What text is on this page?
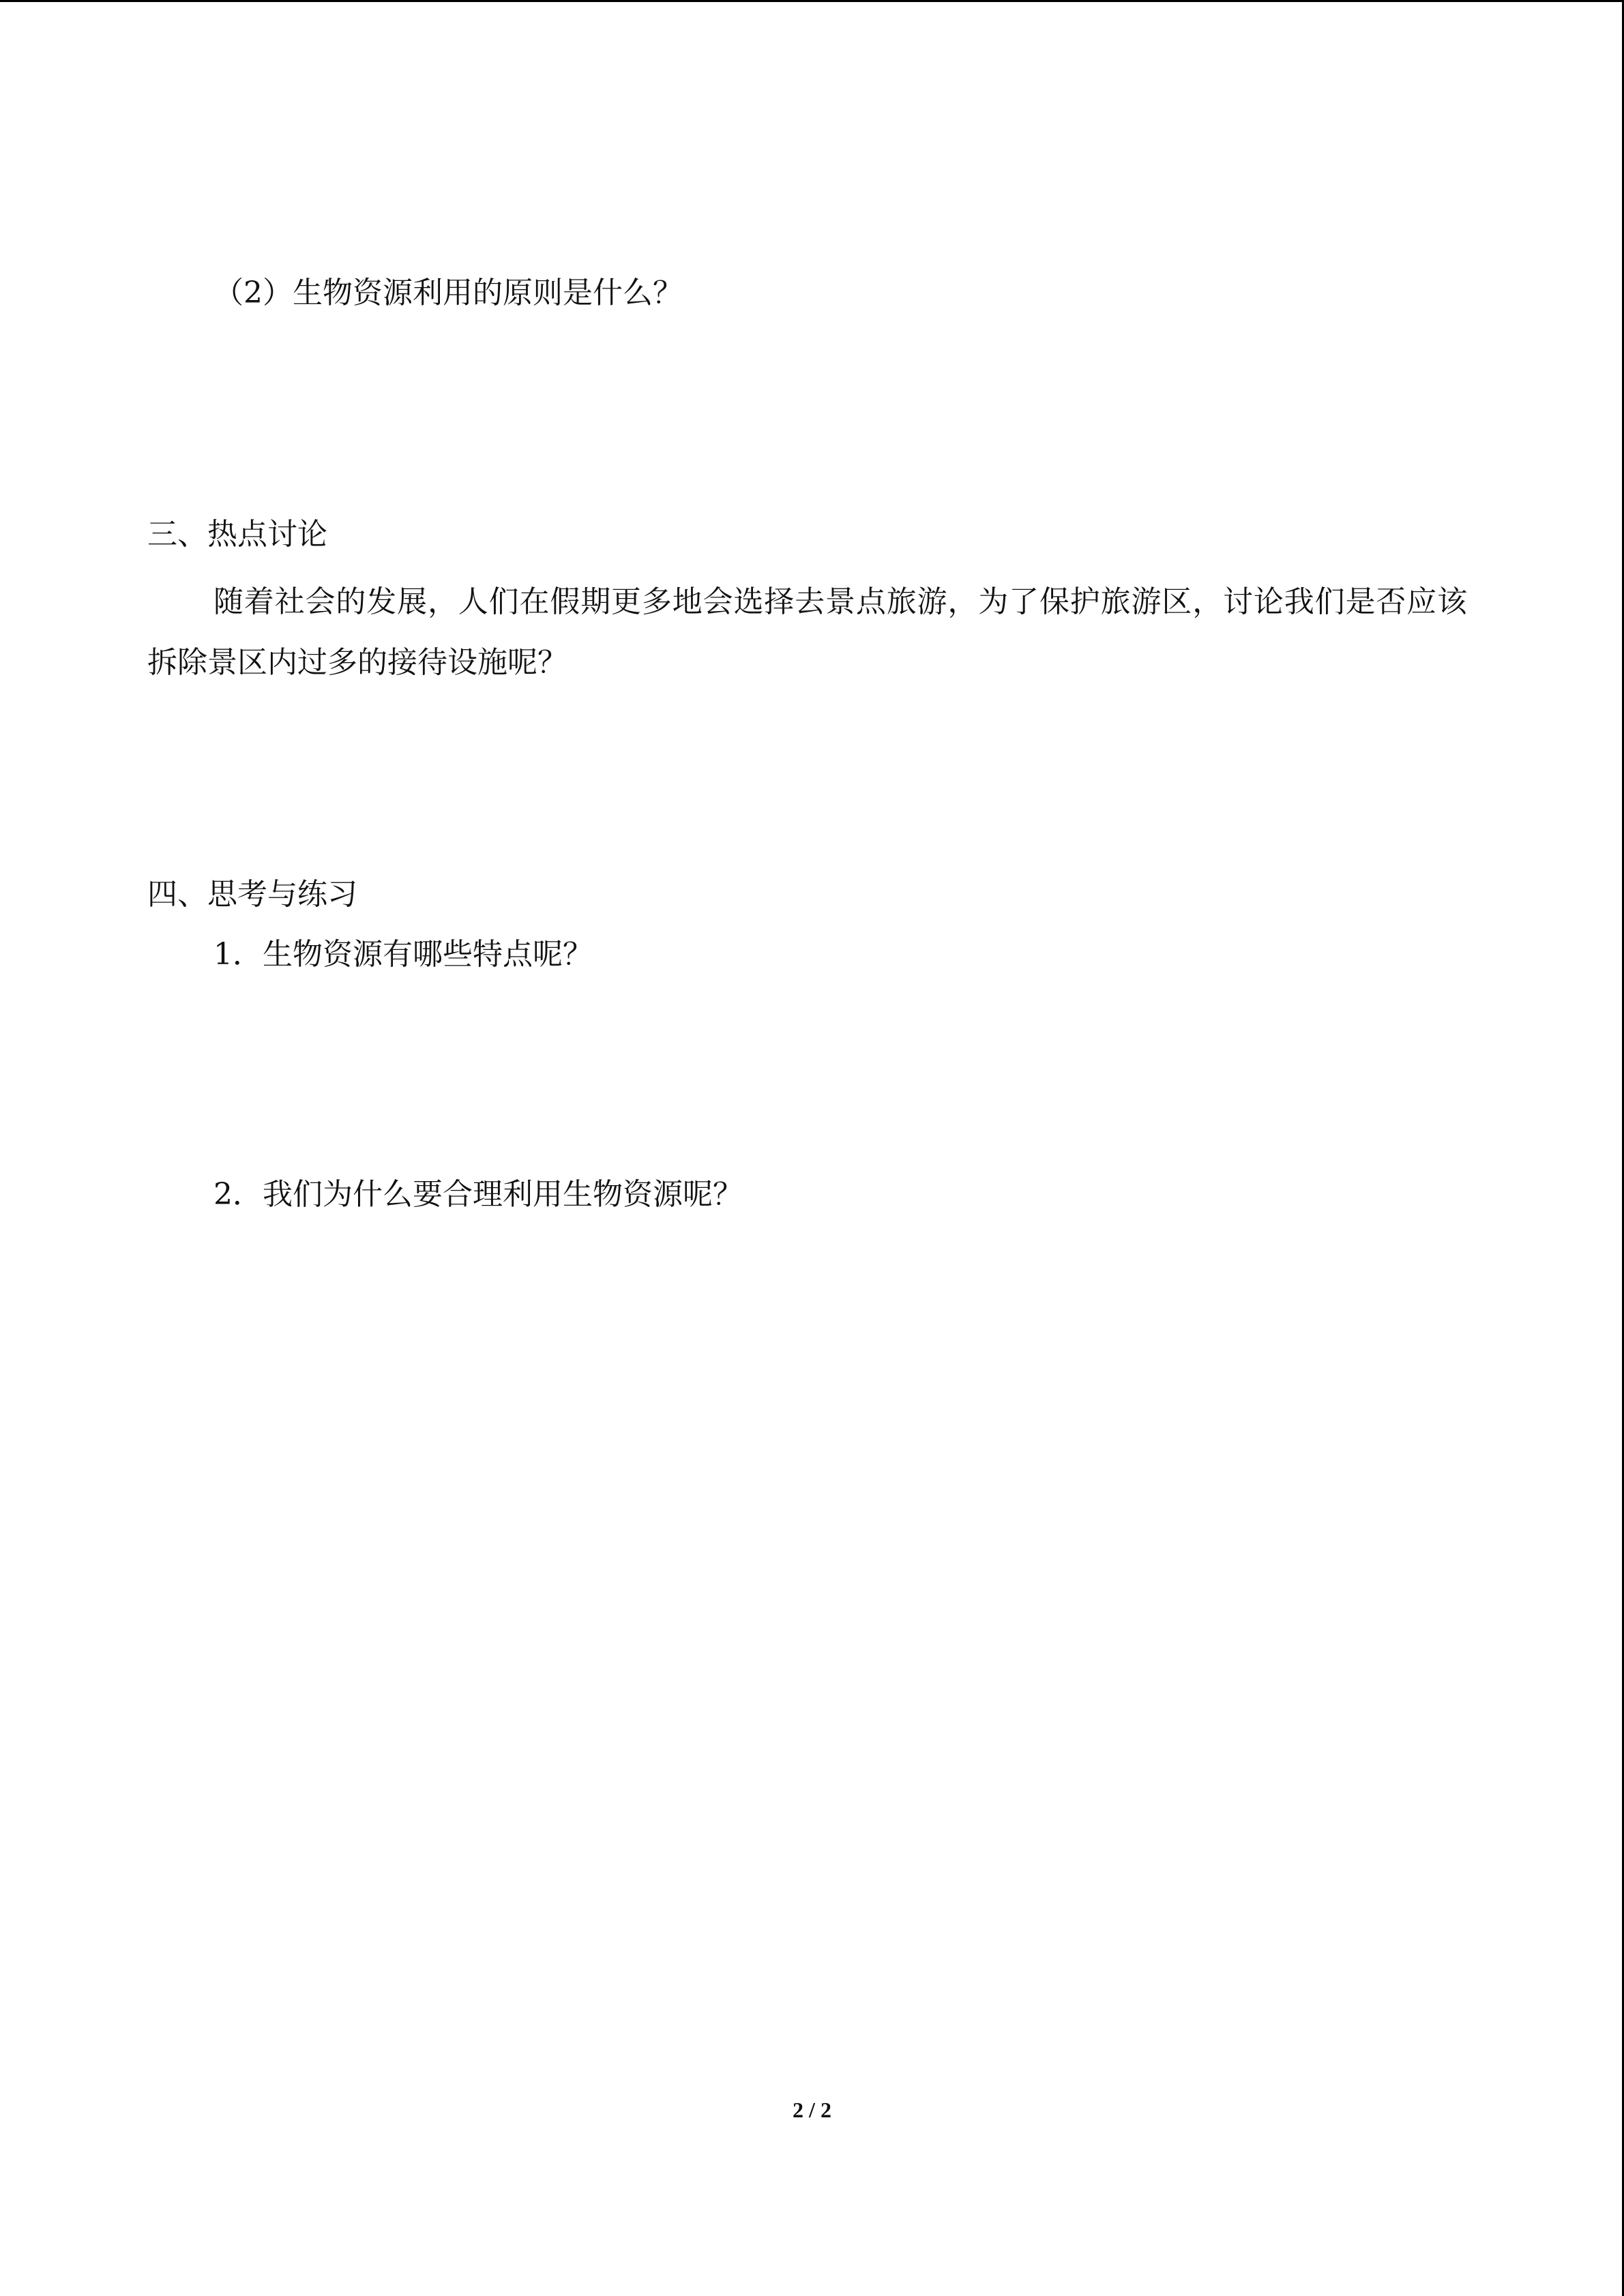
（2）生物资源利用的原则是什么？
三、热点讨论
随着社会的发展，人们在假期更多地会选择去景点旅游，为了保护旅游区，讨论我们是否应该拆除景区内过多的接待设施呢？
四、思考与练习
1．生物资源有哪些特点呢？
2．我们为什么要合理利用生物资源呢？
2 / 2
